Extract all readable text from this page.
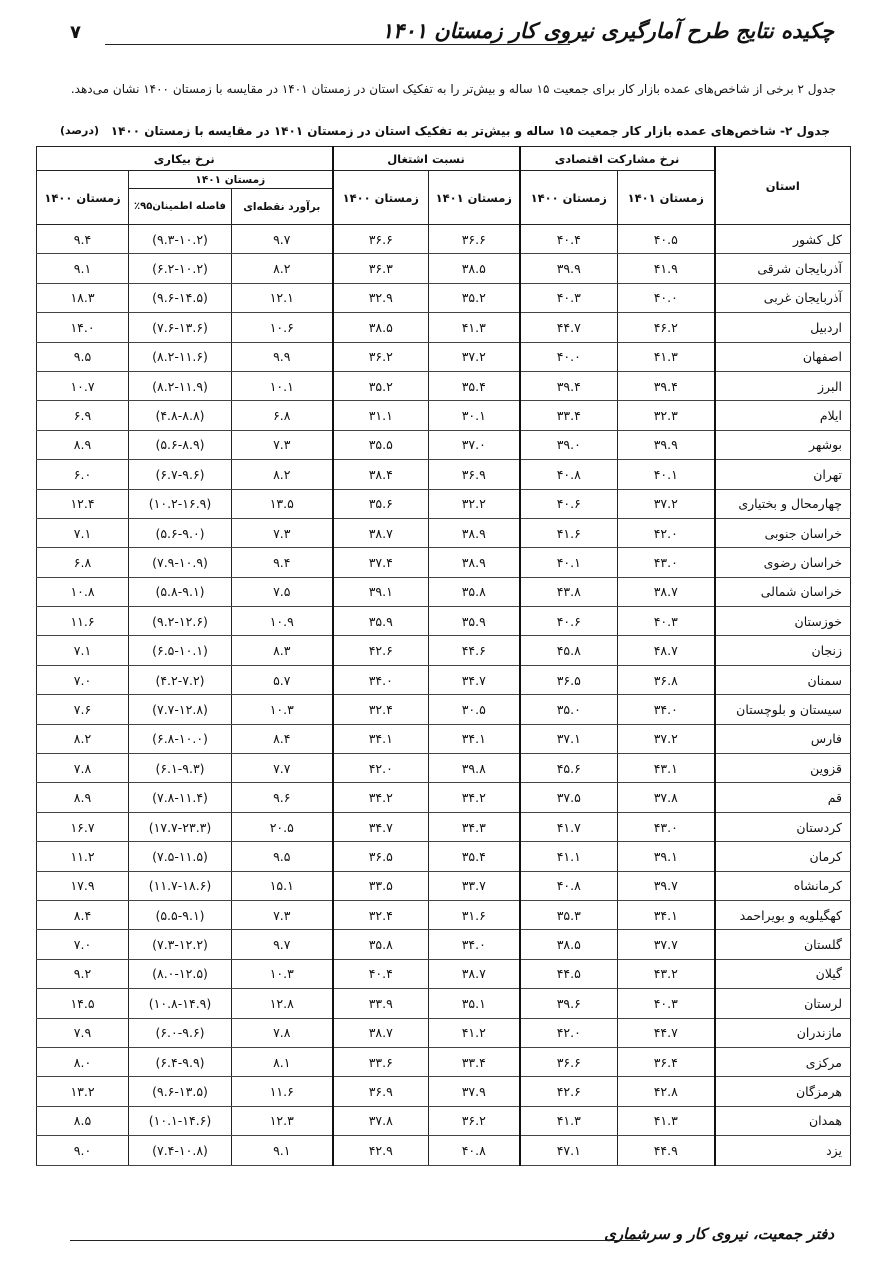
چکیده نتایج طرح آمارگیری نیروی کار زمستان ۱۴۰۱
۷
جدول ۲ برخی از شاخص‌های عمده بازار کار برای جمعیت ۱۵ ساله و بیش‌تر را به تفکیک استان در زمستان ۱۴۰۱ در مقایسه با زمستان ۱۴۰۰ نشان می‌دهد.
جدول ۲- شاخص‌های عمده بازار کار جمعیت ۱۵ ساله و بیش‌تر به تفکیک استان در زمستان ۱۴۰۱ در مقایسه با زمستان ۱۴۰۰
(درصد)
استان	نرخ مشارکت اقتصادی		نسبت اشتغال		نرخ بیکاری		
	زمستان ۱۴۰۱	زمستان ۱۴۰۰	زمستان ۱۴۰۱	زمستان ۱۴۰۰	زمستان ۱۴۰۱		زمستان ۱۴۰۰
					برآورد نقطه‌ای	فاصله اطمینان۹۵٪	
کل کشور	۴۰.۵	۴۰.۴	۳۶.۶	۳۶.۶	۹.۷	(۹.۳-۱۰.۲)	۹.۴
آذربایجان شرقی	۴۱.۹	۳۹.۹	۳۸.۵	۳۶.۳	۸.۲	(۶.۲-۱۰.۲)	۹.۱
آذربایجان غربی	۴۰.۰	۴۰.۳	۳۵.۲	۳۲.۹	۱۲.۱	(۹.۶-۱۴.۵)	۱۸.۳
اردبیل	۴۶.۲	۴۴.۷	۴۱.۳	۳۸.۵	۱۰.۶	(۷.۶-۱۳.۶)	۱۴.۰
اصفهان	۴۱.۳	۴۰.۰	۳۷.۲	۳۶.۲	۹.۹	(۸.۲-۱۱.۶)	۹.۵
البرز	۳۹.۴	۳۹.۴	۳۵.۴	۳۵.۲	۱۰.۱	(۸.۲-۱۱.۹)	۱۰.۷
ایلام	۳۲.۳	۳۳.۴	۳۰.۱	۳۱.۱	۶.۸	(۴.۸-۸.۸)	۶.۹
بوشهر	۳۹.۹	۳۹.۰	۳۷.۰	۳۵.۵	۷.۳	(۵.۶-۸.۹)	۸.۹
تهران	۴۰.۱	۴۰.۸	۳۶.۹	۳۸.۴	۸.۲	(۶.۷-۹.۶)	۶.۰
چهارمحال و بختیاری	۳۷.۲	۴۰.۶	۳۲.۲	۳۵.۶	۱۳.۵	(۱۰.۲-۱۶.۹)	۱۲.۴
خراسان جنوبی	۴۲.۰	۴۱.۶	۳۸.۹	۳۸.۷	۷.۳	(۵.۶-۹.۰)	۷.۱
خراسان رضوی	۴۳.۰	۴۰.۱	۳۸.۹	۳۷.۴	۹.۴	(۷.۹-۱۰.۹)	۶.۸
خراسان شمالی	۳۸.۷	۴۳.۸	۳۵.۸	۳۹.۱	۷.۵	(۵.۸-۹.۱)	۱۰.۸
خوزستان	۴۰.۳	۴۰.۶	۳۵.۹	۳۵.۹	۱۰.۹	(۹.۲-۱۲.۶)	۱۱.۶
زنجان	۴۸.۷	۴۵.۸	۴۴.۶	۴۲.۶	۸.۳	(۶.۵-۱۰.۱)	۷.۱
سمنان	۳۶.۸	۳۶.۵	۳۴.۷	۳۴.۰	۵.۷	(۴.۲-۷.۲)	۷.۰
سیستان و بلوچستان	۳۴.۰	۳۵.۰	۳۰.۵	۳۲.۴	۱۰.۳	(۷.۷-۱۲.۸)	۷.۶
فارس	۳۷.۲	۳۷.۱	۳۴.۱	۳۴.۱	۸.۴	(۶.۸-۱۰.۰)	۸.۲
قزوین	۴۳.۱	۴۵.۶	۳۹.۸	۴۲.۰	۷.۷	(۶.۱-۹.۳)	۷.۸
قم	۳۷.۸	۳۷.۵	۳۴.۲	۳۴.۲	۹.۶	(۷.۸-۱۱.۴)	۸.۹
کردستان	۴۳.۰	۴۱.۷	۳۴.۳	۳۴.۷	۲۰.۵	(۱۷.۷-۲۳.۳)	۱۶.۷
کرمان	۳۹.۱	۴۱.۱	۳۵.۴	۳۶.۵	۹.۵	(۷.۵-۱۱.۵)	۱۱.۲
کرمانشاه	۳۹.۷	۴۰.۸	۳۳.۷	۳۳.۵	۱۵.۱	(۱۱.۷-۱۸.۶)	۱۷.۹
کهگیلویه و بویراحمد	۳۴.۱	۳۵.۳	۳۱.۶	۳۲.۴	۷.۳	(۵.۵-۹.۱)	۸.۴
گلستان	۳۷.۷	۳۸.۵	۳۴.۰	۳۵.۸	۹.۷	(۷.۳-۱۲.۲)	۷.۰
گیلان	۴۳.۲	۴۴.۵	۳۸.۷	۴۰.۴	۱۰.۳	(۸.۰-۱۲.۵)	۹.۲
لرستان	۴۰.۳	۳۹.۶	۳۵.۱	۳۳.۹	۱۲.۸	(۱۰.۸-۱۴.۹)	۱۴.۵
مازندران	۴۴.۷	۴۲.۰	۴۱.۲	۳۸.۷	۷.۸	(۶.۰-۹.۶)	۷.۹
مرکزی	۳۶.۴	۳۶.۶	۳۳.۴	۳۳.۶	۸.۱	(۶.۴-۹.۹)	۸.۰
هرمزگان	۴۲.۸	۴۲.۶	۳۷.۹	۳۶.۹	۱۱.۶	(۹.۶-۱۳.۵)	۱۳.۲
همدان	۴۱.۳	۴۱.۳	۳۶.۲	۳۷.۸	۱۲.۳	(۱۰.۱-۱۴.۶)	۸.۵
یزد	۴۴.۹	۴۷.۱	۴۰.۸	۴۲.۹	۹.۱	(۷.۴-۱۰.۸)	۹.۰
دفتر جمعیت، نیروی کار و سرشماری
